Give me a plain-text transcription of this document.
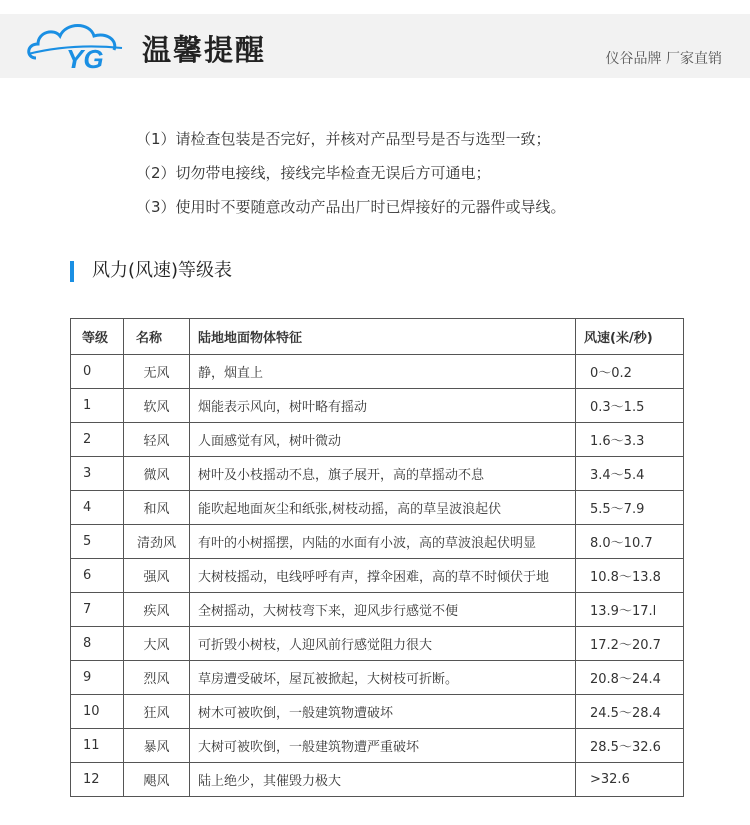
YG 温馨提醒	仪谷品牌 厂家直销
（1）请检查包装是否完好，并核对产品型号是否与选型一致；
（2）切勿带电接线，接线完毕检查无误后方可通电；
（3）使用时不要随意改动产品出厂时已焊接好的元器件或导线。
风力(风速)等级表
等级	名称	陆地地面物体特征	风速(米/秒)
0	无风	静，烟直上	0～0.2
1	软风	烟能表示风向，树叶略有摇动	0.3～1.5
2	轻风	人面感觉有风，树叶微动	1.6～3.3
3	微风	树叶及小枝摇动不息，旗子展开，高的草摇动不息	3.4～5.4
4	和风	能吹起地面灰尘和纸张,树枝动摇，高的草呈波浪起伏	5.5～7.9
5	清劲风	有叶的小树摇摆，内陆的水面有小波，高的草波浪起伏明显	8.0～10.7
6	强风	大树枝摇动，电线呼呼有声，撑伞困难，高的草不时倾伏于地	10.8～13.8
7	疾风	全树摇动，大树枝弯下来，迎风步行感觉不便	13.9～17.l
8	大风	可折毁小树枝，人迎风前行感觉阻力很大	17.2～20.7
9	烈风	草房遭受破坏，屋瓦被掀起，大树枝可折断。	20.8～24.4
10	狂风	树木可被吹倒，一般建筑物遭破坏	24.5～28.4
11	暴风	大树可被吹倒，一般建筑物遭严重破坏	28.5～32.6
12	飓风	陆上绝少，其催毁力极大	>32.6
